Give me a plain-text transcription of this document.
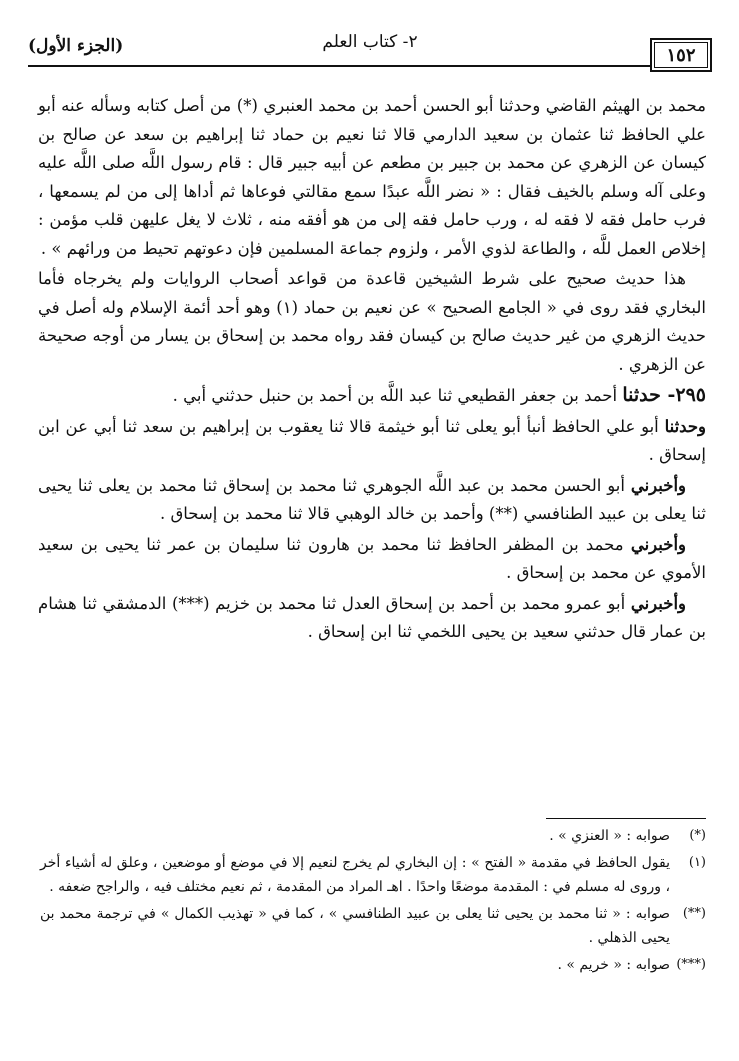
١٥٢
٢- كتاب العلم
(الجزء الأول)

محمد بن الهيثم القاضي وحدثنا أبو الحسن أحمد بن محمد العنبري (*) من أصل كتابه وسأله عنه أبو علي الحافظ ثنا عثمان بن سعيد الدارمي قالا ثنا نعيم بن حماد ثنا إبراهيم بن سعد عن صالح بن كيسان عن الزهري عن محمد بن جبير بن مطعم عن أبيه جبير قال : قام رسول اللَّه صلى اللَّه عليه وعلى آله وسلم بالخيف فقال : « نضر اللَّه عبدًا سمع مقالتي فوعاها ثم أداها إلى من لم يسمعها ، فرب حامل فقه لا فقه له ، ورب حامل فقه إلى من هو أفقه منه ، ثلاث لا يغل عليهن قلب مؤمن : إخلاص العمل للَّه ، والطاعة لذوي الأمر ، ولزوم جماعة المسلمين فإن دعوتهم تحيط من ورائهم » .

هذا حديث صحيح على شرط الشيخين قاعدة من قواعد أصحاب الروايات ولم يخرجاه فأما البخاري فقد روى في « الجامع الصحيح » عن نعيم بن حماد (١) وهو أحد أئمة الإسلام وله أصل في حديث الزهري من غير حديث صالح بن كيسان فقد رواه محمد بن إسحاق بن يسار من أوجه صحيحة عن الزهري .

٢٩٥- حدثنا أحمد بن جعفر القطيعي ثنا عبد اللَّه بن أحمد بن حنبل حدثني أبي .

وحدثنا أبو علي الحافظ أنبأ أبو يعلى ثنا أبو خيثمة قالا ثنا يعقوب بن إبراهيم بن سعد ثنا أبي عن ابن إسحاق .

وأخبرني أبو الحسن محمد بن عبد اللَّه الجوهري ثنا محمد بن إسحاق ثنا محمد بن يعلى ثنا يحيى ثنا يعلى بن عبيد الطنافسي (**) وأحمد بن خالد الوهبي قالا ثنا محمد بن إسحاق .

وأخبرني محمد بن المظفر الحافظ ثنا محمد بن هارون ثنا سليمان بن عمر ثنا يحيى بن سعيد الأموي عن محمد بن إسحاق .

وأخبرني أبو عمرو محمد بن أحمد بن إسحاق العدل ثنا محمد بن خزيم (***) الدمشقي ثنا هشام بن عمار قال حدثني سعيد بن يحيى اللخمي ثنا ابن إسحاق .

(*)
صوابه : « العنزي » .
(١)
يقول الحافظ في مقدمة « الفتح » : إن البخاري لم يخرج لنعيم إلا في موضع أو موضعين ، وعلق له أشياء أخر ، وروى له مسلم في : المقدمة موضعًا واحدًا . اهـ المراد من المقدمة ، ثم نعيم مختلف فيه ، والراجح ضعفه .
(**)
صوابه : « ثنا محمد بن يحيى ثنا يعلى بن عبيد الطنافسي » ، كما في « تهذيب الكمال » في ترجمة محمد بن يحيى الذهلي .
(***)
صوابه : « خريم » .
